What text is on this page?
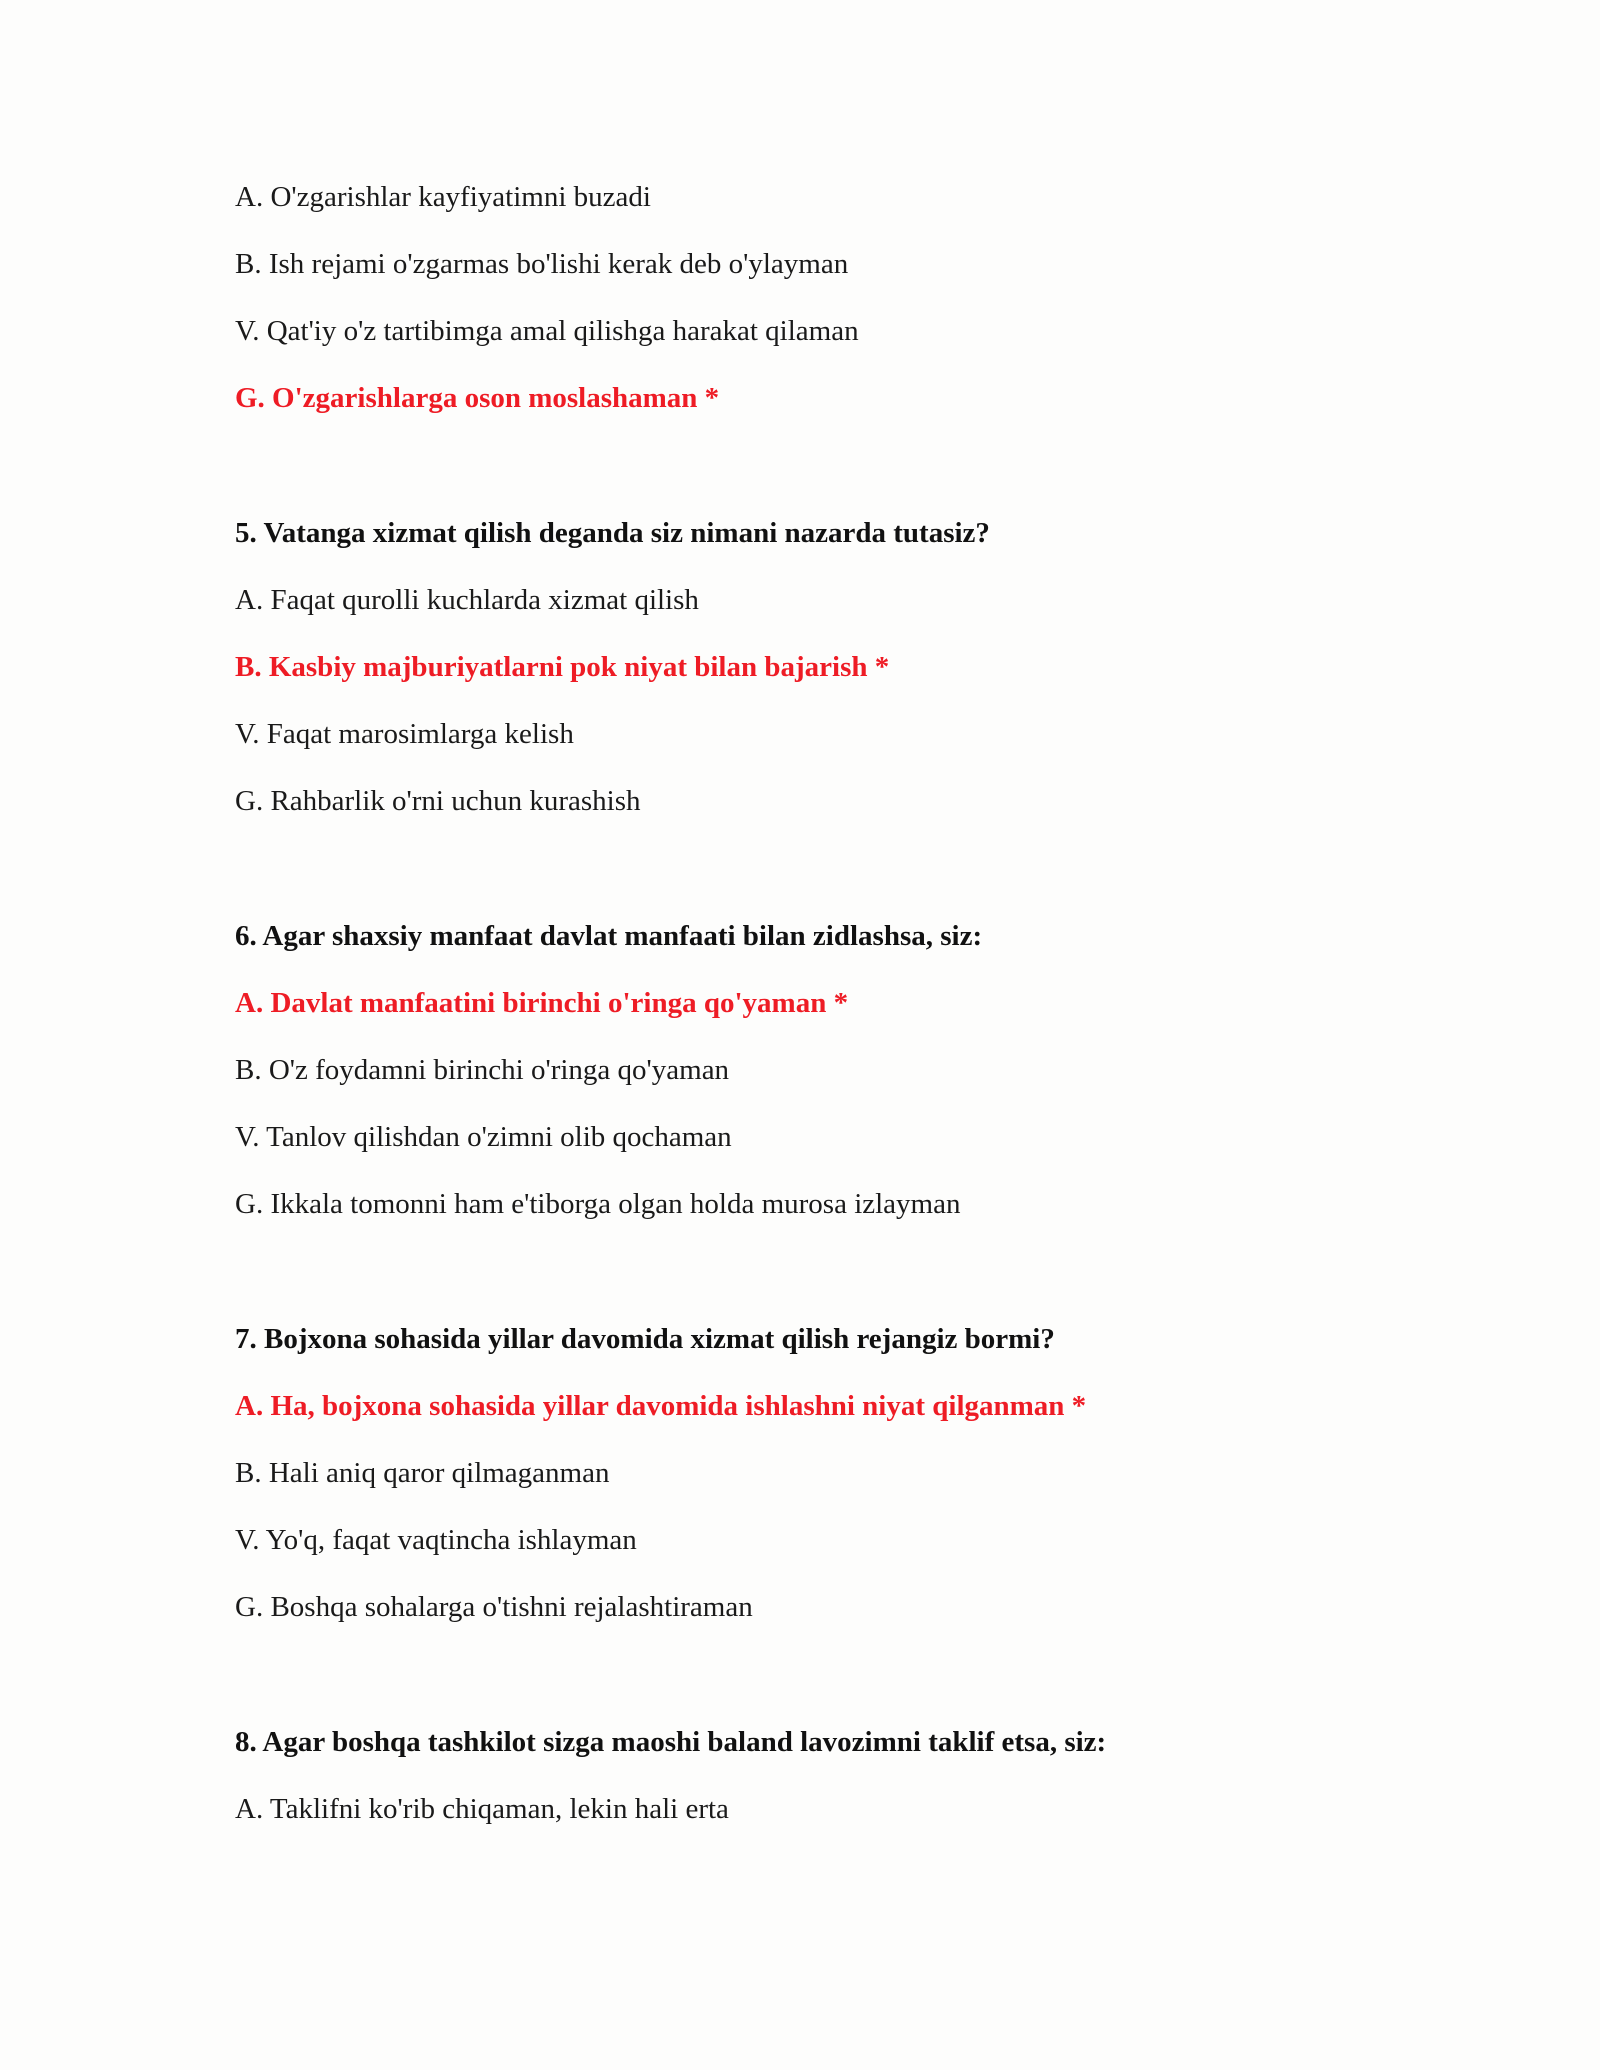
A. O'zgarishlar kayfiyatimni buzadi

B. Ish rejami o'zgarmas bo'lishi kerak deb o'ylayman

V. Qat'iy o'z tartibimga amal qilishga harakat qilaman

G. O'zgarishlarga oson moslashaman *

5. Vatanga xizmat qilish deganda siz nimani nazarda tutasiz?

A. Faqat qurolli kuchlarda xizmat qilish

B. Kasbiy majburiyatlarni pok niyat bilan bajarish *

V. Faqat marosimlarga kelish

G. Rahbarlik o'rni uchun kurashish

6. Agar shaxsiy manfaat davlat manfaati bilan zidlashsa, siz:

A. Davlat manfaatini birinchi o'ringa qo'yaman *

B. O'z foydamni birinchi o'ringa qo'yaman

V. Tanlov qilishdan o'zimni olib qochaman

G. Ikkala tomonni ham e'tiborga olgan holda murosa izlayman

7. Bojxona sohasida yillar davomida xizmat qilish rejangiz bormi?

A. Ha, bojxona sohasida yillar davomida ishlashni niyat qilganman *

B. Hali aniq qaror qilmaganman

V. Yo'q, faqat vaqtincha ishlayman

G. Boshqa sohalarga o'tishni rejalashtiraman

8. Agar boshqa tashkilot sizga maoshi baland lavozimni taklif etsa, siz:

A. Taklifni ko'rib chiqaman, lekin hali erta
